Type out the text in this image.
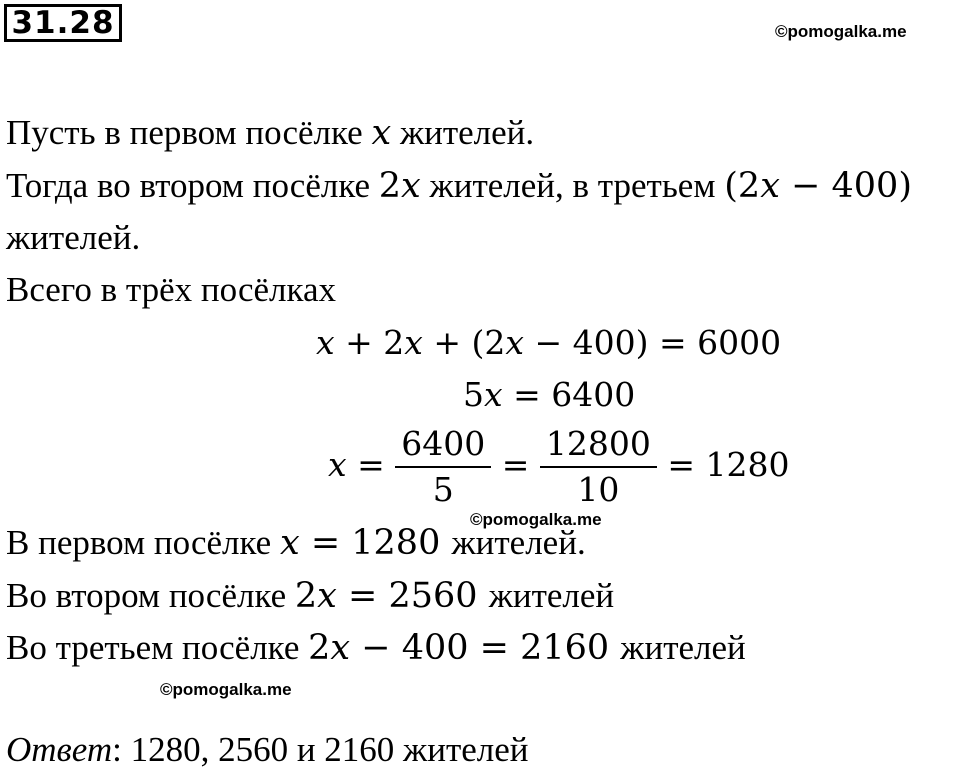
31.28	©pomogalka.me
Пусть в первом посёлке x жителей.
Тогда во втором посёлке 2x жителей, в третьем (2x − 400)
жителей.
Всего в трёх посёлках
x + 2x + (2x − 400) = 6000
5x = 6400
$x = \frac{6400}{5} = \frac{12800}{10} = 1280$
©pomogalka.me
В первом посёлке x = 1280 жителей.
Во втором посёлке 2x = 2560 жителей
Во третьем посёлке 2x − 400 = 2160 жителей
©pomogalka.me
Ответ: 1280, 2560 и 2160 жителей
